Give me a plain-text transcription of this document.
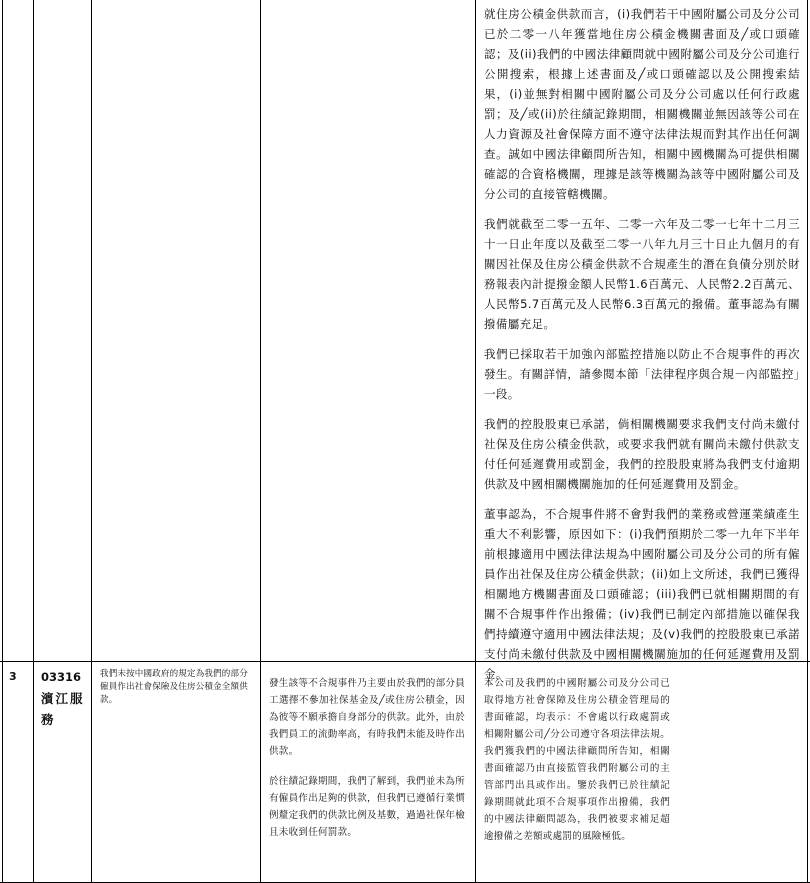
就住房公積金供款而言，(i)我們若干中國附屬公司及分公司已於二零一八年獲當地住房公積金機關書面及╱或口頭確認；及(ii)我們的中國法律顧問就中國附屬公司及分公司進行公開搜索，根據上述書面及╱或口頭確認以及公開搜索結果，(i)並無對相關中國附屬公司及分公司處以任何行政處罰；及╱或(ii)於往績記錄期間，相關機關並無因該等公司在人力資源及社會保障方面不遵守法律法規而對其作出任何調查。誠如中國法律顧問所告知，相關中國機關為可提供相關確認的合資格機關，理據是該等機關為該等中國附屬公司及分公司的直接管轄機關。

我們就截至二零一五年、二零一六年及二零一七年十二月三十一日止年度以及截至二零一八年九月三十日止九個月的有關因社保及住房公積金供款不合規產生的潛在負債分別於財務報表內計提撥金額人民幣1.6百萬元、人民幣2.2百萬元、人民幣5.7百萬元及人民幣6.3百萬元的撥備。董事認為有關撥備屬充足。

我們已採取若干加強內部監控措施以防止不合規事件的再次發生。有關詳情，請參閱本節「法律程序與合規－內部監控」一段。

我們的控股股東已承諾，倘相關機關要求我們支付尚未繳付社保及住房公積金供款，或要求我們就有關尚未繳付供款支付任何延遲費用或罰金，我們的控股股東將為我們支付逾期供款及中國相關機關施加的任何延遲費用及罰金。

董事認為，不合規事件將不會對我們的業務或營運業績產生重大不利影響，原因如下：(i)我們預期於二零一九年下半年前根據適用中國法律法規為中國附屬公司及分公司的所有僱員作出社保及住房公積金供款；(ii)如上文所述，我們已獲得相關地方機關書面及口頭確認；(iii)我們已就相關期間的有關不合規事件作出撥備；(iv)我們已制定內部措施以確保我們持續遵守適用中國法律法規；及(v)我們的控股股東已承諾支付尚未繳付供款及中國相關機關施加的任何延遲費用及罰金。

3	03316
濱江服務
我們未按中國政府的規定為我們的部分僱員作出社會保險及住房公積金全額供款。

發生該等不合規事件乃主要由於我們的部分員工選擇不參加社保基金及╱或住房公積金，因為彼等不願承擔自身部分的供款。此外，由於我們員工的流動率高，有時我們未能及時作出供款。

於往績記錄期間，我們了解到，我們並未為所有僱員作出足夠的供款，但我們已遵循行業慣例釐定我們的供款比例及基數，過過社保年檢且未收到任何罰款。

本公司及我們的中國附屬公司及分公司已取得地方社會保障及住房公積金管理局的書面確認，均表示：不會處以行政處罰或相關附屬公司╱分公司遵守各項法律法規。我們獲我們的中國法律顧問所告知，相關書面確認乃由直接監管我們附屬公司的主管部門出具或作出。鑒於我們已於往績記錄期間就此項不合規事項作出撥備，我們的中國法律顧問認為，我們被要求補足超逾撥備之差額或處罰的風險極低。
